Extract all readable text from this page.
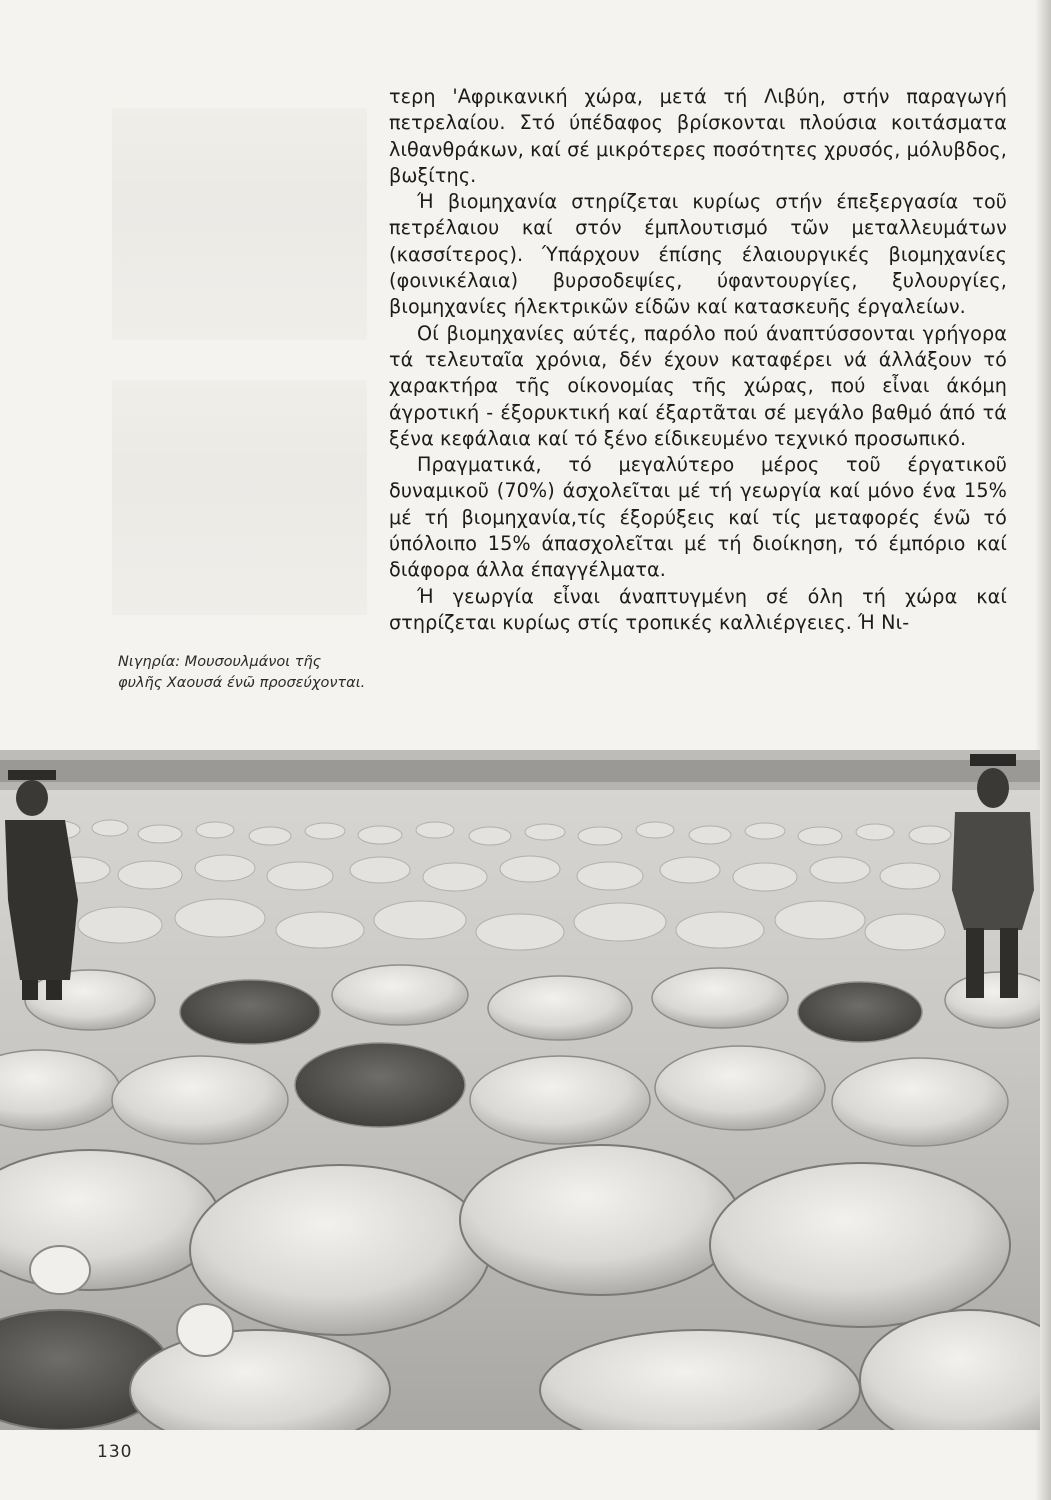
τερη 'Αφρικανική χώρα, μετά τή Λιβύη, στήν παραγωγή πετρελαίου. Στό ύπέδαφος βρίσκονται πλούσια κοιτάσματα λιθανθράκων, καί σέ μικρότερες ποσότητες χρυσός, μόλυβδος, βωξίτης.

Ή βιομηχανία στηρίζεται κυρίως στήν έπεξεργασία τοῦ πετρέλαιου καί στόν έμπλουτισμό τῶν μεταλλευμάτων (κασσίτερος). Ύπάρχουν έπίσης έλαιουργικές βιομηχανίες (φοινικέλαια) βυρσοδεψίες, ύφαντουργίες, ξυλουργίες, βιομηχανίες ήλεκτρικῶν είδῶν καί κατασκευῆς έργαλείων.

Οί βιομηχανίες αύτές, παρόλο πού άναπτύσσονται γρήγορα τά τελευταῖα χρόνια, δέν έχουν καταφέρει νά άλλάξουν τό χαρακτήρα τῆς οίκονομίας τῆς χώρας, πού εἶναι άκόμη άγροτική - έξορυκτική καί έξαρτᾶται σέ μεγάλο βαθμό άπό τά ξένα κεφάλαια καί τό ξένο είδικευμένο τεχνικό προσωπικό.

Πραγματικά, τό μεγαλύτερο μέρος τοῦ έργατικοῦ δυναμικοῦ (70%) άσχολεῖται μέ τή γεωργία καί μόνο ένα 15% μέ τή βιομηχανία,τίς έξορύξεις καί τίς μεταφορές ένῶ τό ύπόλοιπο 15% άπασχολεῖται μέ τή διοίκηση, τό έμπόριο καί διάφορα άλλα έπαγγέλματα.

Ή γεωργία εἶναι άναπτυγμένη σέ όλη τή χώρα καί στηρίζεται κυρίως στίς τροπικές καλλιέργειες. Ή Νι-

Νιγηρία: Μουσουλμάνοι τῆς φυλῆς Χαουσά ένῶ προσεύχονται.
130
